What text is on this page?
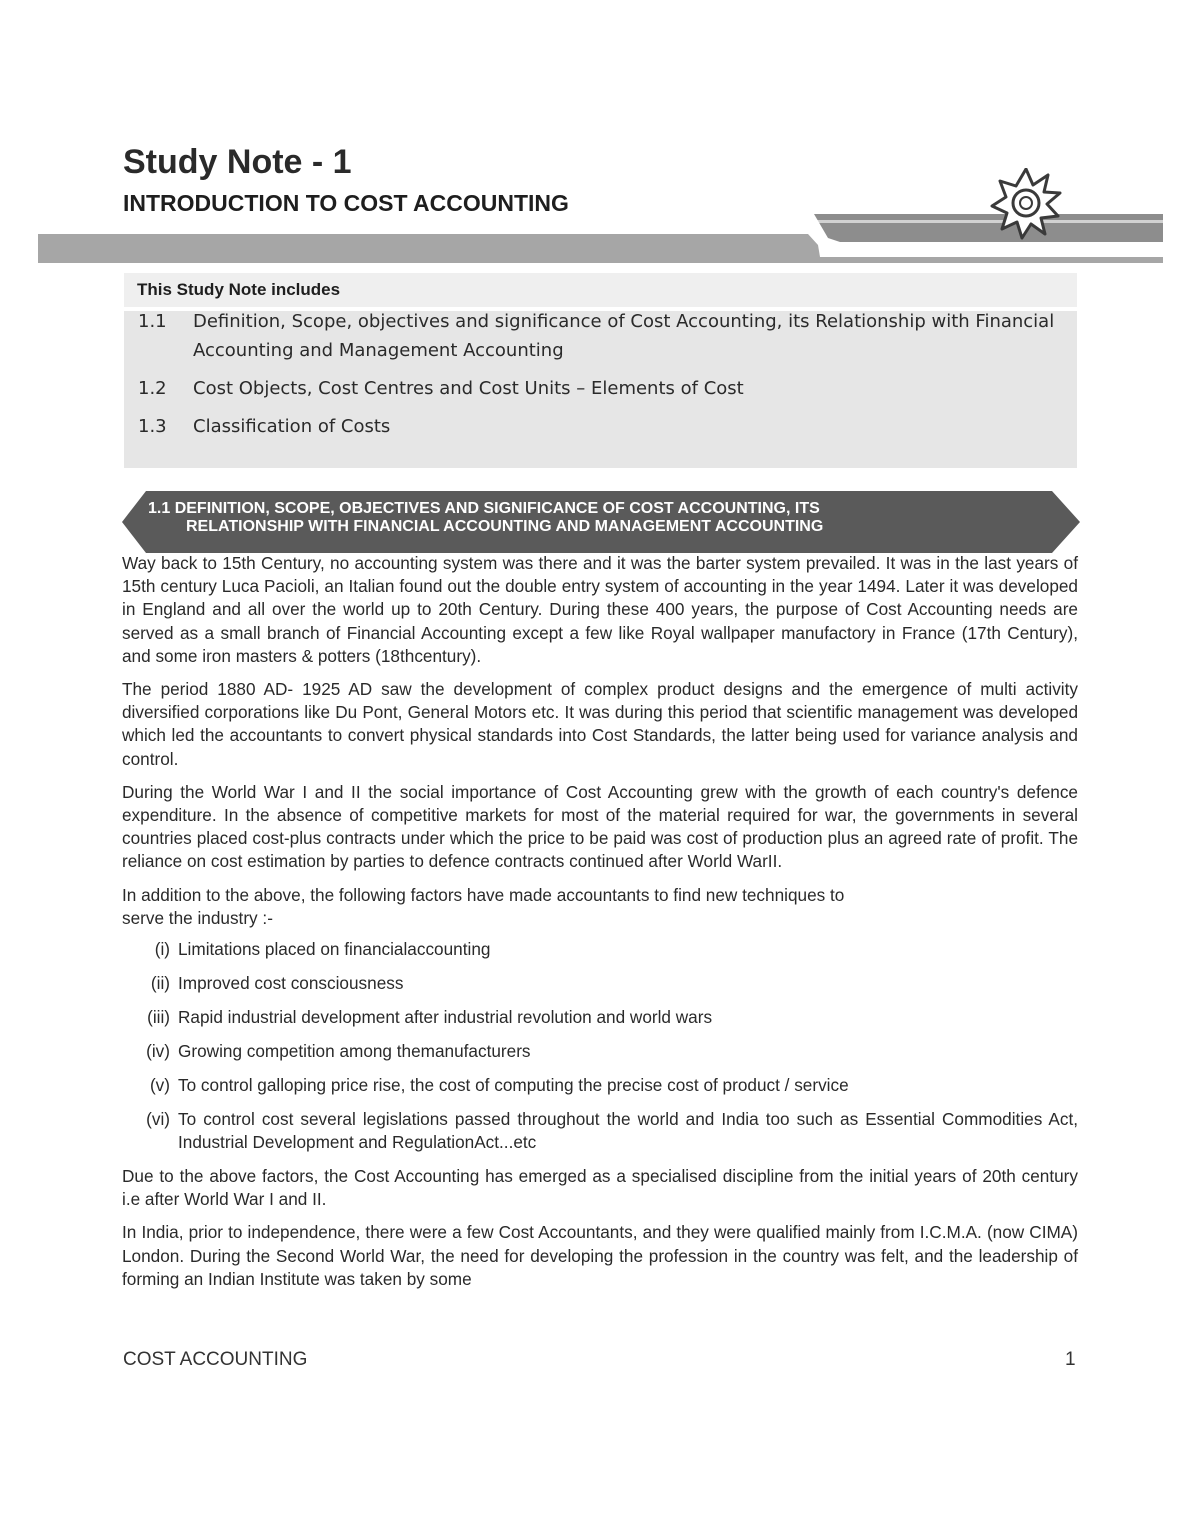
Study Note - 1
INTRODUCTION TO COST ACCOUNTING
This Study Note includes
1.1	Definition, Scope, objectives and significance of Cost Accounting, its Relationship with Financial Accounting and Management Accounting
1.2	Cost Objects, Cost Centres and Cost Units – Elements of Cost
1.3	Classification of Costs
1.1 DEFINITION, SCOPE, OBJECTIVES AND SIGNIFICANCE OF COST ACCOUNTING, ITS
RELATIONSHIP WITH FINANCIAL ACCOUNTING AND MANAGEMENT ACCOUNTING

Way back to 15th Century, no accounting system was there and it was the barter system prevailed. It was in the last years of 15th century Luca Pacioli, an Italian found out the double entry system of accounting in the year 1494. Later it was developed in England and all over the world up to 20th Century. During these 400 years, the purpose of Cost Accounting needs are served as a small branch of Financial Accounting except a few like Royal wallpaper manufactory in France (17th Century), and some iron masters & potters (18thcentury).

The period 1880 AD- 1925 AD saw the development of complex product designs and the emergence of multi activity diversified corporations like Du Pont, General Motors etc. It was during this period that scientific management was developed which led the accountants to convert physical standards into Cost Standards, the latter being used for variance analysis and control.

During the World War I and II the social importance of Cost Accounting grew with the growth of each country's defence expenditure. In the absence of competitive markets for most of the material required for war, the governments in several countries placed cost-plus contracts under which the price to be paid was cost of production plus an agreed rate of profit. The reliance on cost estimation by parties to defence contracts continued after World WarII.

In addition to the above, the following factors have made accountants to find new techniques to
serve the industry :-

(i) Limitations placed on financialaccounting
(ii) Improved cost consciousness
(iii) Rapid industrial development after industrial revolution and world wars
(iv) Growing competition among themanufacturers
(v) To control galloping price rise, the cost of computing the precise cost of product / service
(vi) To control cost several legislations passed throughout the world and India too such as Essential Commodities Act, Industrial Development and RegulationAct...etc

Due to the above factors, the Cost Accounting has emerged as a specialised discipline from the initial years of 20th century i.e after World War I and II.

In India, prior to independence, there were a few Cost Accountants, and they were qualified mainly from I.C.M.A. (now CIMA) London. During the Second World War, the need for developing the profession in the country was felt, and the leadership of forming an Indian Institute was taken by some

COST ACCOUNTING	1
